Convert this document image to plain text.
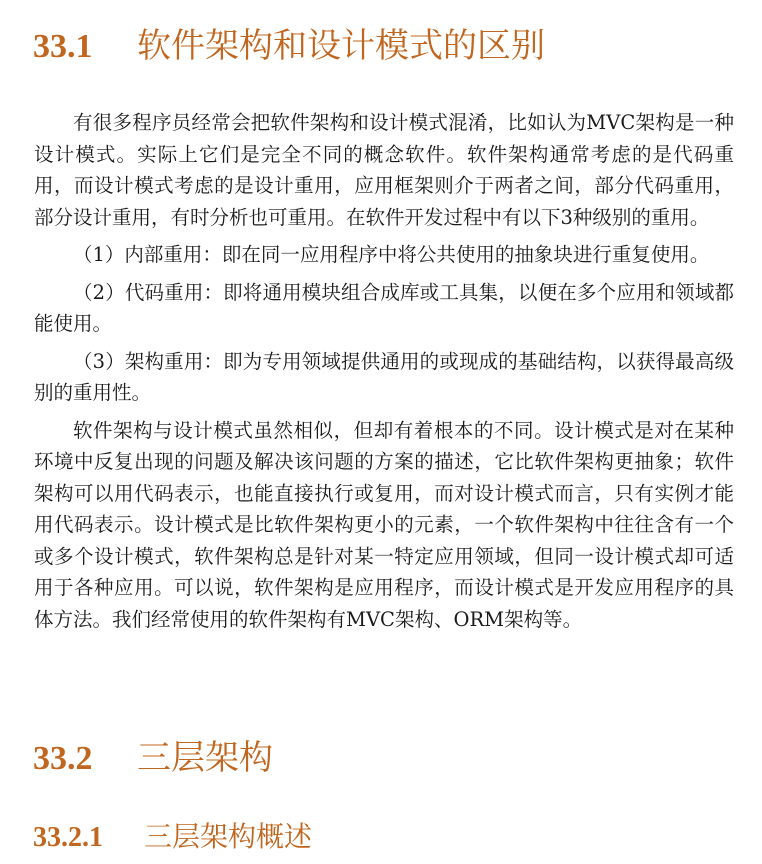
33.1 软件架构和设计模式的区别

有很多程序员经常会把软件架构和设计模式混淆，比如认为MVC架构是一种设计模式。实际上它们是完全不同的概念软件。软件架构通常考虑的是代码重用，而设计模式考虑的是设计重用，应用框架则介于两者之间，部分代码重用，部分设计重用，有时分析也可重用。在软件开发过程中有以下3种级别的重用。

（1）内部重用：即在同一应用程序中将公共使用的抽象块进行重复使用。

（2）代码重用：即将通用模块组合成库或工具集，以便在多个应用和领域都能使用。

（3）架构重用：即为专用领域提供通用的或现成的基础结构，以获得最高级别的重用性。

软件架构与设计模式虽然相似，但却有着根本的不同。设计模式是对在某种环境中反复出现的问题及解决该问题的方案的描述，它比软件架构更抽象；软件架构可以用代码表示，也能直接执行或复用，而对设计模式而言，只有实例才能用代码表示。设计模式是比软件架构更小的元素，一个软件架构中往往含有一个或多个设计模式，软件架构总是针对某一特定应用领域，但同一设计模式却可适用于各种应用。可以说，软件架构是应用程序，而设计模式是开发应用程序的具体方法。我们经常使用的软件架构有MVC架构、ORM架构等。

33.2 三层架构
33.2.1 三层架构概述
